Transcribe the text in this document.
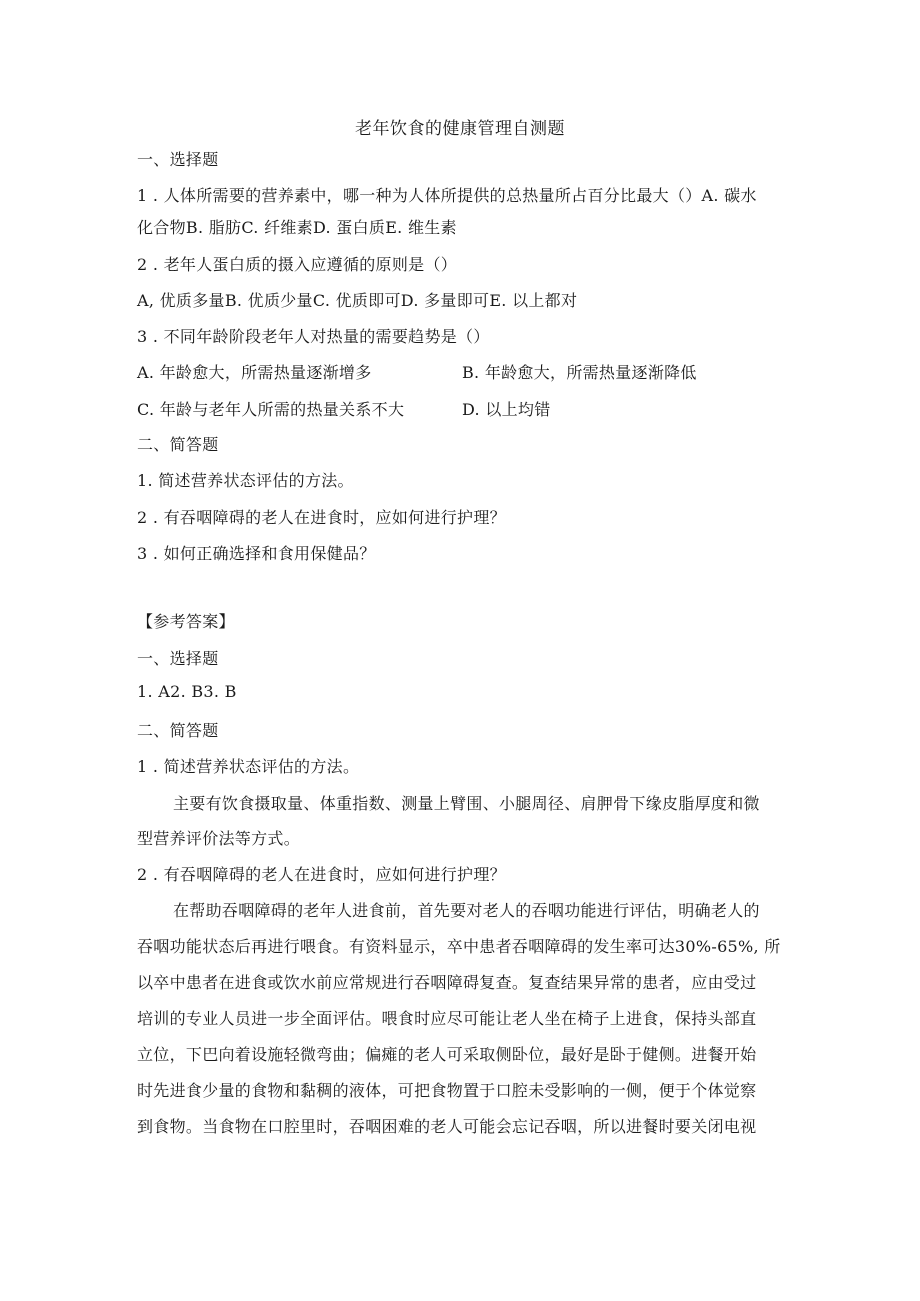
老年饮食的健康管理自测题
一、选择题
1 . 人体所需要的营养素中，哪一种为人体所提供的总热量所占百分比最大（）A. 碳水
化合物B. 脂肪C. 纤维素D. 蛋白质E. 维生素
2 . 老年人蛋白质的摄入应遵循的原则是（）
A, 优质多量B. 优质少量C. 优质即可D. 多量即可E. 以上都对
3 . 不同年龄阶段老年人对热量的需要趋势是（）
A. 年龄愈大，所需热量逐渐增多	B. 年龄愈大，所需热量逐渐降低
C. 年龄与老年人所需的热量关系不大	D. 以上均错
二、简答题
1. 简述营养状态评估的方法。
2 . 有吞咽障碍的老人在进食时，应如何进行护理？
3 . 如何正确选择和食用保健品？
【参考答案】
一、选择题
1. A2. B3. B
二、简答题
1 . 简述营养状态评估的方法。
主要有饮食摄取量、体重指数、测量上臂围、小腿周径、肩胛骨下缘皮脂厚度和微
型营养评价法等方式。
2 . 有吞咽障碍的老人在进食时，应如何进行护理？
在帮助吞咽障碍的老年人进食前，首先要对老人的吞咽功能进行评估，明确老人的
吞咽功能状态后再进行喂食。有资料显示，卒中患者吞咽障碍的发生率可达30%-65%, 所
以卒中患者在进食或饮水前应常规进行吞咽障碍复查。复查结果异常的患者，应由受过
培训的专业人员进一步全面评估。喂食时应尽可能让老人坐在椅子上进食，保持头部直
立位，下巴向着设施轻微弯曲；偏瘫的老人可采取侧卧位，最好是卧于健侧。进餐开始
时先进食少量的食物和黏稠的液体，可把食物置于口腔未受影响的一侧，便于个体觉察
到食物。当食物在口腔里时，吞咽困难的老人可能会忘记吞咽，所以进餐时要关闭电视
